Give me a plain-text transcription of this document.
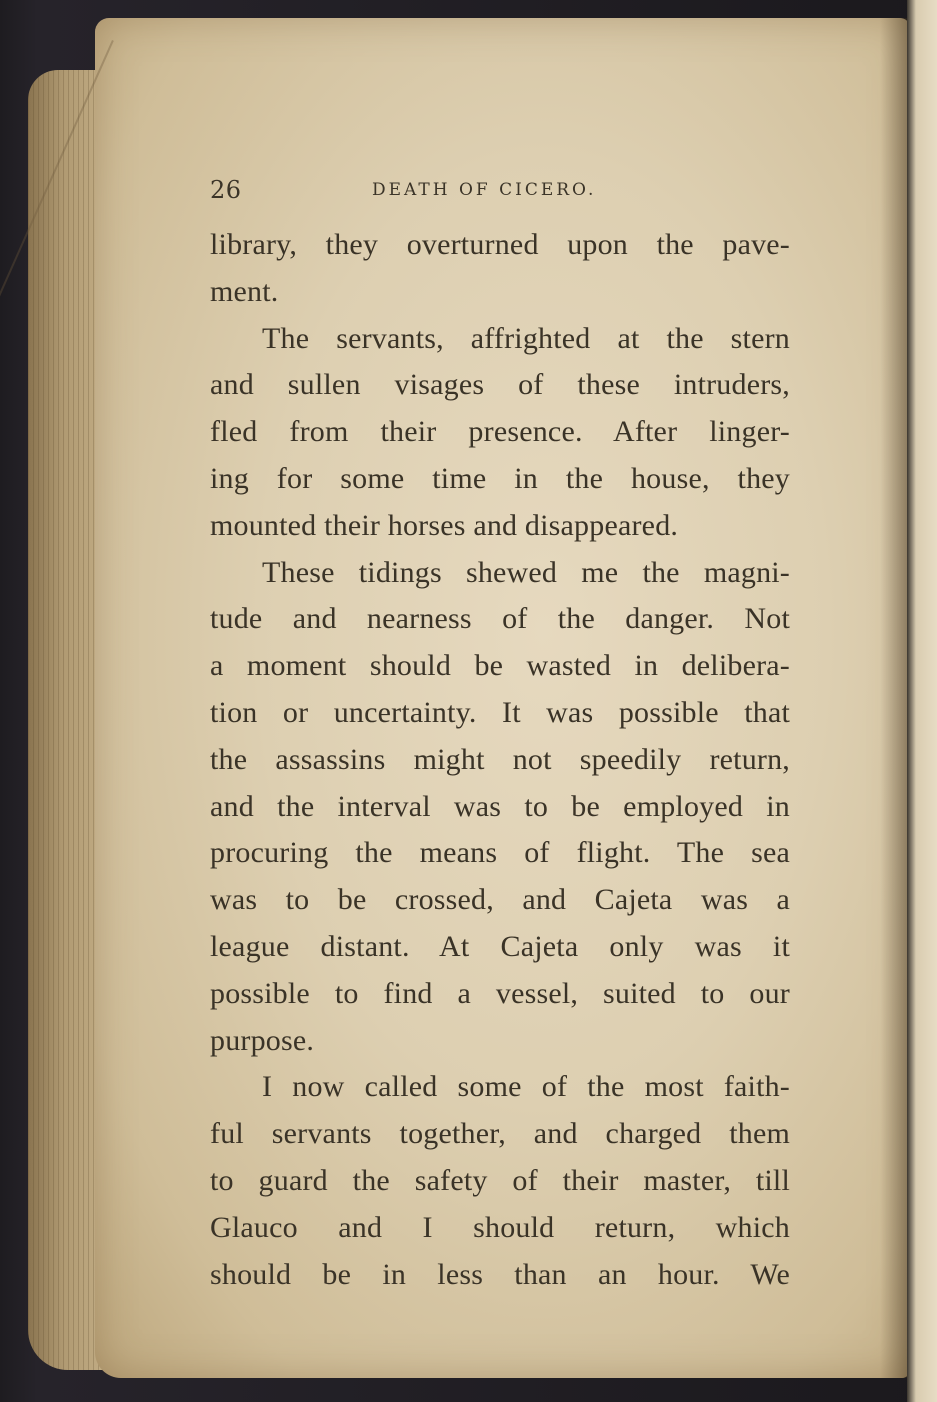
26	DEATH OF CICERO.
library, they overturned upon the pave-
ment.
The servants, affrighted at the stern
and sullen visages of these intruders,
fled from their presence. After linger-
ing for some time in the house, they
mounted their horses and disappeared.
These tidings shewed me the magni-
tude and nearness of the danger. Not
a moment should be wasted in delibera-
tion or uncertainty. It was possible that
the assassins might not speedily return,
and the interval was to be employed in
procuring the means of flight. The sea
was to be crossed, and Cajeta was a
league distant. At Cajeta only was it
possible to find a vessel, suited to our
purpose.
I now called some of the most faith-
ful servants together, and charged them
to guard the safety of their master, till
Glauco and I should return, which
should be in less than an hour. We
